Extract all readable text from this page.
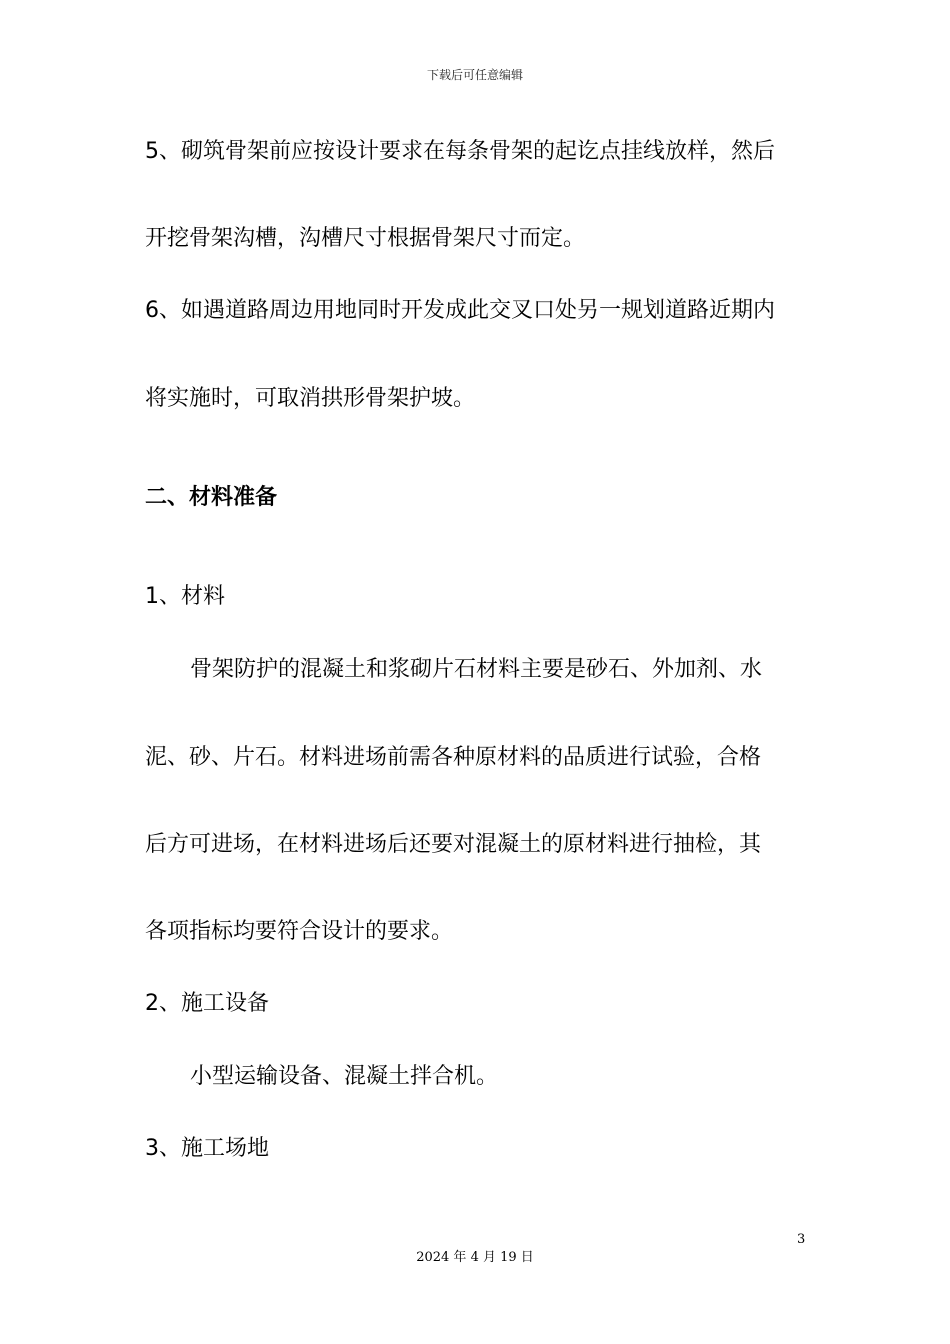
下载后可任意编辑
5、砌筑骨架前应按设计要求在每条骨架的起讫点挂线放样，然后
开挖骨架沟槽，沟槽尺寸根据骨架尺寸而定。
6、如遇道路周边用地同时开发成此交叉口处另一规划道路近期内
将实施时，可取消拱形骨架护坡。
二、材料准备
1、材料
骨架防护的混凝土和浆砌片石材料主要是砂石、外加剂、水
泥、砂、片石。材料进场前需各种原材料的品质进行试验，合格
后方可进场，在材料进场后还要对混凝土的原材料进行抽检，其
各项指标均要符合设计的要求。
2、施工设备
小型运输设备、混凝土拌合机。
3、施工场地
3
2024 年 4 月 19 日
